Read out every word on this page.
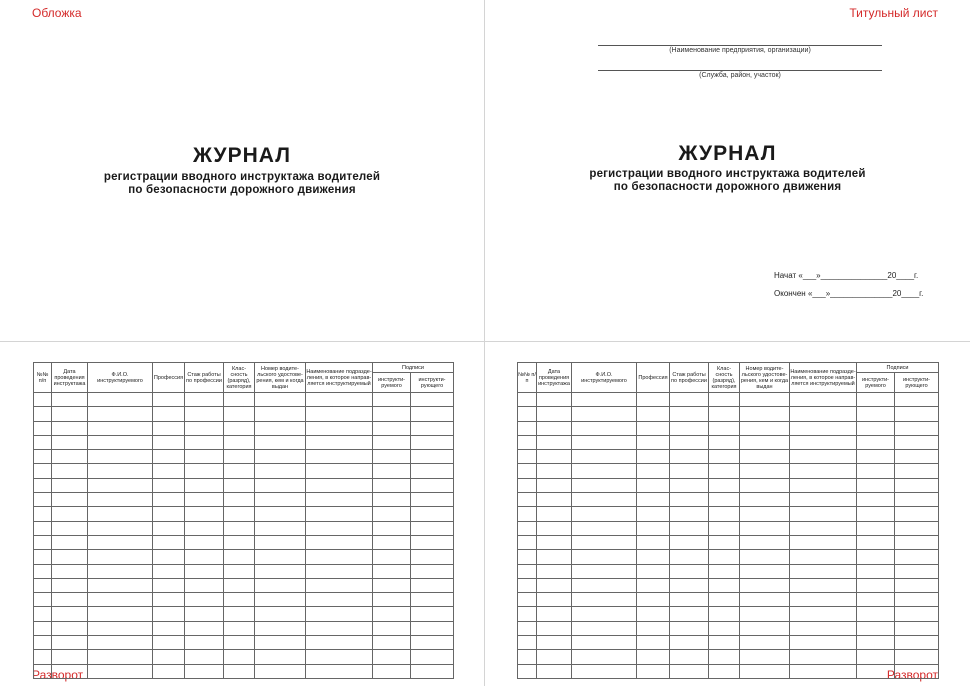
Обложка	Титульный лист
Разворот	Разворот
ЖУРНАЛ
регистрации вводного инструктажа водителей
по безопасности дорожного движения
(Наименование предприятия, организации)
(Служба, район, участок)
ЖУРНАЛ
регистрации вводного инструктажа водителей
по безопасности дорожного движения
Начат «___»_______________20____г.
Окончен «___»______________20____г.
№№ п/п	Дата проведения инструктажа	Ф.И.О. инструктируемого	Профессия	Стаж работы по профессии	Клас-сность (разряд), категория	Номер водите-льского удостове-рения, кем и когда выдан	Наименование подразде-ления, в которое направ-ляется инструктируемый	Подписи	
								инструкти-руемого	инструкти-рующего

№№ п/п	Дата проведения инструктажа	Ф.И.О. инструктируемого	Профессия	Стаж работы по профессии	Клас-сность (разряд), категория	Номер водите-льского удостове-рения, кем и когда выдан	Наименование подразде-ления, в которое направ-ляется инструктируемый	Подписи	
								инструкти-руемого	инструкти-рующего
